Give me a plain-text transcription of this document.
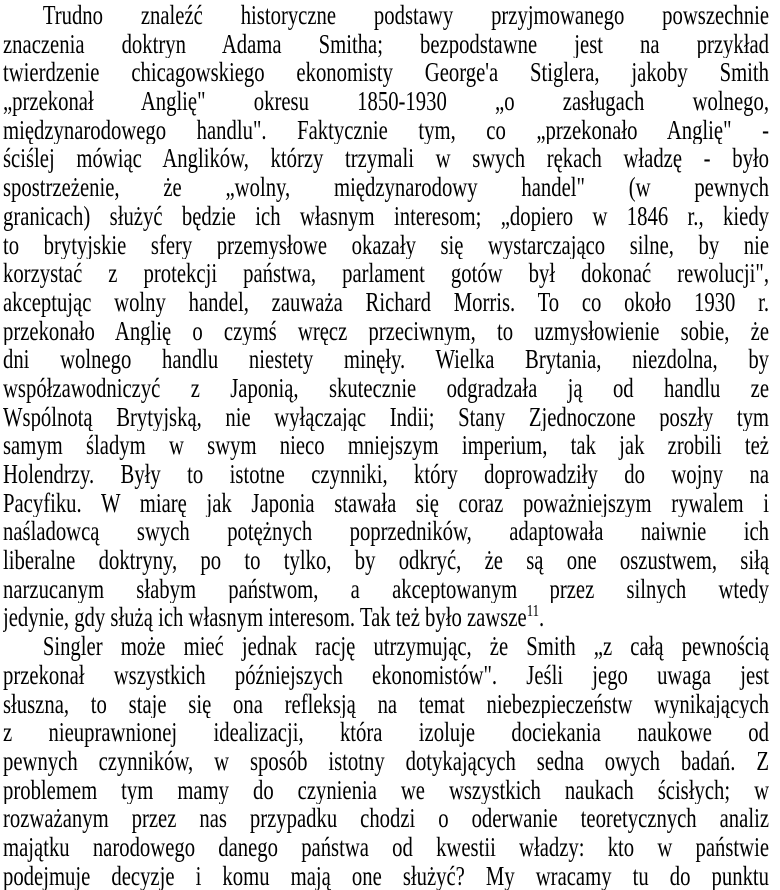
Trudno znaleźć historyczne podstawy przyjmowanego powszechnie
znaczenia doktryn Adama Smitha; bezpodstawne jest na przykład
twierdzenie chicagowskiego ekonomisty George'a Stiglera, jakoby Smith
„przekonał Anglię" okresu 1850-1930 „o zasługach wolnego,
międzynarodowego handlu". Faktycznie tym, co „przekonało Anglię" -
ściślej mówiąc Anglików, którzy trzymali w swych rękach władzę - było
spostrzeżenie, że „wolny, międzynarodowy handel" (w pewnych
granicach) służyć będzie ich własnym interesom; „dopiero w 1846 r., kiedy
to brytyjskie sfery przemysłowe okazały się wystarczająco silne, by nie
korzystać z protekcji państwa, parlament gotów był dokonać rewolucji",
akceptując wolny handel, zauważa Richard Morris. To co około 1930 r.
przekonało Anglię o czymś wręcz przeciwnym, to uzmysłowienie sobie, że
dni wolnego handlu niestety minęły. Wielka Brytania, niezdolna, by
współzawodniczyć z Japonią, skutecznie odgradzała ją od handlu ze
Wspólnotą Brytyjską, nie wyłączając Indii; Stany Zjednoczone poszły tym
samym śladym w swym nieco mniejszym imperium, tak jak zrobili też
Holendrzy. Były to istotne czynniki, który doprowadziły do wojny na
Pacyfiku. W miarę jak Japonia stawała się coraz poważniejszym rywalem i
naśladowcą swych potężnych poprzedników, adaptowała naiwnie ich
liberalne doktryny, po to tylko, by odkryć, że są one oszustwem, siłą
narzucanym słabym państwom, a akceptowanym przez silnych wtedy
jedynie, gdy służą ich własnym interesom. Tak też było zawsze$^{11}$.
Singler może mieć jednak rację utrzymując, że Smith „z całą pewnością
przekonał wszystkich późniejszych ekonomistów". Jeśli jego uwaga jest
słuszna, to staje się ona refleksją na temat niebezpieczeństw wynikających
z nieuprawnionej idealizacji, która izoluje dociekania naukowe od
pewnych czynników, w sposób istotny dotykających sedna owych badań. Z
problemem tym mamy do czynienia we wszystkich naukach ścisłych; w
rozważanym przez nas przypadku chodzi o oderwanie teoretycznych analiz
majątku narodowego danego państwa od kwestii władzy: kto w państwie
podejmuje decyzje i komu mają one służyć? My wracamy tu do punktu
